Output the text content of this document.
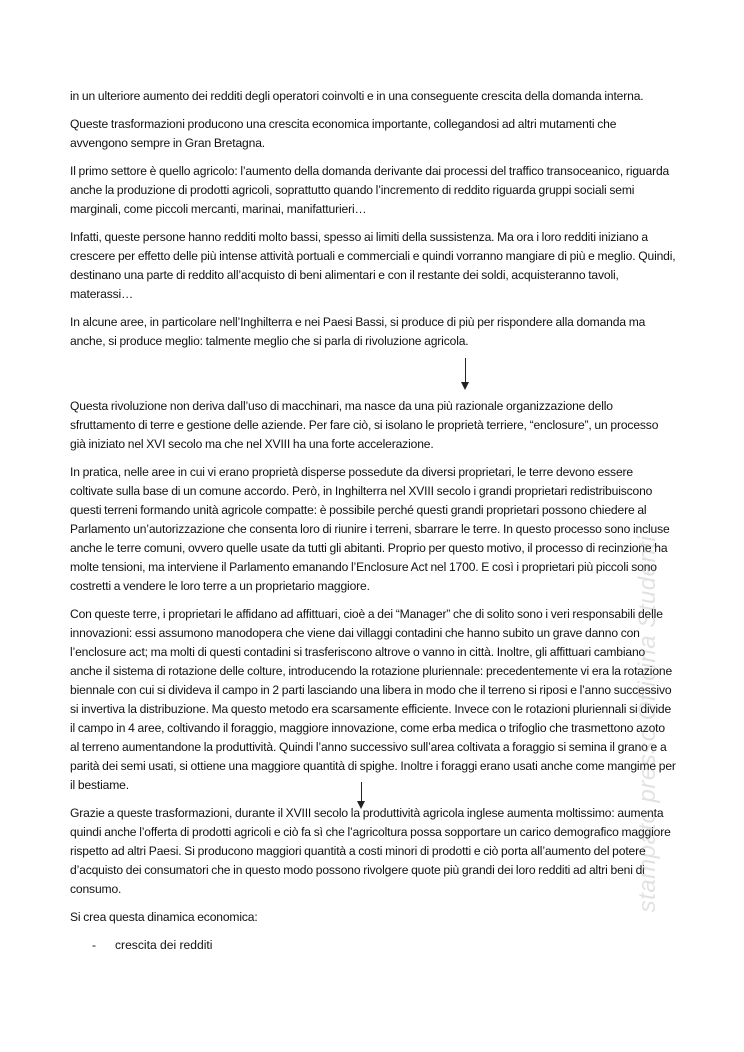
in un ulteriore aumento dei redditi degli operatori coinvolti e in una conseguente crescita della domanda interna.

Queste trasformazioni producono una crescita economica importante, collegandosi ad altri mutamenti che avvengono sempre in Gran Bretagna.

Il primo settore è quello agricolo: l’aumento della domanda derivante dai processi del traffico transoceanico, riguarda anche la produzione di prodotti agricoli, soprattutto quando l’incremento di reddito riguarda gruppi sociali semi marginali, come piccoli mercanti, marinai, manifatturieri…

Infatti, queste persone hanno redditi molto bassi, spesso ai limiti della sussistenza. Ma ora i loro redditi iniziano a crescere per effetto delle più intense attività portuali e commerciali e quindi vorranno mangiare di più e meglio. Quindi, destinano una parte di reddito all’acquisto di beni alimentari e con il restante dei soldi, acquisteranno tavoli, materassi…

In alcune aree, in particolare nell’Inghilterra e nei Paesi Bassi, si produce di più per rispondere alla domanda ma anche, si produce meglio: talmente meglio che si parla di rivoluzione agricola.

Questa rivoluzione non deriva dall’uso di macchinari, ma nasce da una più razionale organizzazione dello sfruttamento di terre e gestione delle aziende. Per fare ciò, si isolano le proprietà terriere, “enclosure”, un processo già iniziato nel XVI secolo ma che nel XVIII ha una forte accelerazione.

In pratica, nelle aree in cui vi erano proprietà disperse possedute da diversi proprietari, le terre devono essere coltivate sulla base di un comune accordo. Però, in Inghilterra nel XVIII secolo i grandi proprietari redistribuiscono questi terreni formando unità agricole compatte: è possibile perché questi grandi proprietari possono chiedere al Parlamento un’autorizzazione che consenta loro di riunire i terreni, sbarrare le terre. In questo processo sono incluse anche le terre comuni, ovvero quelle usate da tutti gli abitanti. Proprio per questo motivo, il processo di recinzione ha molte tensioni, ma interviene il Parlamento emanando l’Enclosure Act nel 1700. E così i proprietari più piccoli sono costretti a vendere le loro terre a un proprietario maggiore.

Con queste terre, i proprietari le affidano ad affittuari, cioè a dei “Manager” che di solito sono i veri responsabili delle innovazioni: essi assumono manodopera che viene dai villaggi contadini che hanno subito un grave danno con l’enclosure act; ma molti di questi contadini si trasferiscono altrove o vanno in città. Inoltre, gli affittuari cambiano anche il sistema di rotazione delle colture, introducendo la rotazione pluriennale: precedentemente vi era la rotazione biennale con cui si divideva il campo in 2 parti lasciando una libera in modo che il terreno si riposi e l’anno successivo si invertiva la distribuzione. Ma questo metodo era scarsamente efficiente. Invece con le rotazioni pluriennali si divide il campo in 4 aree, coltivando il foraggio, maggiore innovazione, come erba medica o trifoglio che trasmettono azoto al terreno aumentandone la produttività. Quindi l’anno successivo sull’area coltivata a foraggio si semina il grano e a parità dei semi usati, si ottiene una maggiore quantità di spighe. Inoltre i foraggi erano usati anche come mangime per il bestiame.

Grazie a queste trasformazioni, durante il XVIII secolo la produttività agricola inglese aumenta moltissimo: aumenta quindi anche l’offerta di prodotti agricoli e ciò fa sì che l’agricoltura possa sopportare un carico demografico maggiore rispetto ad altri Paesi. Si producono maggiori quantità a costi minori di prodotti e ciò porta all’aumento del potere d’acquisto dei consumatori che in questo modo possono rivolgere quote più grandi dei loro redditi ad altri beni di consumo.

Si crea questa dinamica economica:

- crescita dei redditi
stampato presso Officina Studenti
